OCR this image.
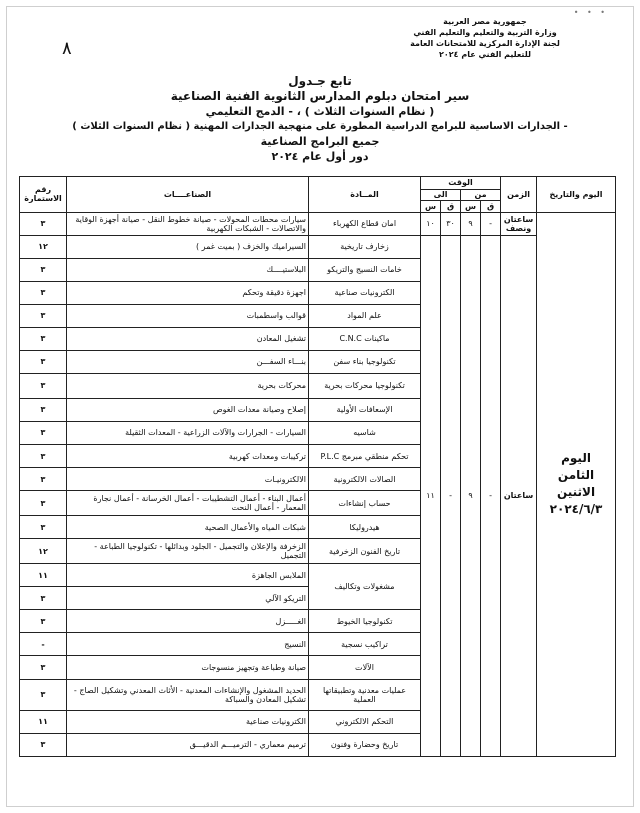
• • •
٨
جمهورية مصر العربية
وزارة التربية والتعليم والتعليم الفني
لجنة الإدارة المركزية للامتحانات العامة
للتعليم الفني عام ٢٠٢٤
تابع جـدول
سير امتحان دبلوم المدارس الثانوية الفنية الصناعية
( نظام السنوات الثلاث ) ، - الدمج التعليمي
- الجدارات الاساسية للبرامج الدراسية المطورة على منهجية الجدارات المهنية ( نظام السنوات الثلاث )
جميع البرامج الصناعية
دور أول عام ٢٠٢٤
اليوم والتاريخ	الزمن	الوقت				المــادة	الصناعــــات	رقم الاستمارة
		من		الى				
		ق	س	ق	س			

اليوم
الثامن
الاثنين
٢٠٢٤/٦/٣	ساعتان ونصف	-	٩	٣٠	١٠	امان قطاع الكهرباء	سيارات محطات المحولات - صيانة خطوط النقل - صيانة أجهزة الوقاية والاتصالات - الشبكات الكهربية	٣
	ساعتان	-	٩	-	١١	زخارف تاريخية	السيراميك والخزف ( بميت غمر )	١٢
						خامات النسيج والتريكو	البلاستيــــك	٣
						الكترونيات صناعية	اجهزة دقيقة وتحكم	٣
						علم المواد	قوالب واسطمبات	٣
						ماكينات C.N.C	تشغيل المعادن	٣
						تكنولوجيا بناء سفن	بنـــاء السفـــن	٣
						تكنولوجيا محركات بحرية	محركات بحرية	٣
						الإسعافات الأولية	إصلاح وصيانة معدات الغوص	٣
						شاسيه	السيارات - الجرارات والآلات الزراعية - المعدات الثقيلة	٣
						تحكم منطقي مبرمج P.L.C	تركيبات ومعدات كهربية	٣
						الصالات الالكترونية	الالكترونيـات	٣
						حساب إنشاءات	أعمال البناء - أعمال التشطيبات - أعمال الخرسانة - أعمال نجارة المعمار - أعمال النحت	٣
						هيدروليكا	شبكات المياه والأعمال الصحية	٣
						تاريخ الفنون الزخرفية	الزخرفة والإعلان والتجميل - الجلود وبدائلها - تكنولوجيا الطباعة - التجميل	١٢
						مشغولات وتكاليف	الملابس الجاهزة	١١
							التريكو الآلي	٣
						تكنولوجيا الخيوط	الغـــــزل	٣
						تراكيب نسجية	النسيج	-
						الآلات	صيانة وطباعة وتجهيز منسوجات	٣
						عمليات معدنية وتطبيقاتها العملية	الحديد المشغول والإنشاءات المعدنية - الأثاث المعدني وتشكيل الصاج - تشكيل المعادن والسباكة	٣
						التحكم الالكتروني	الكترونيات صناعية	١١
						تاريخ وحضارة وفنون	ترميم معماري - الترميـــم الدقيـــق	٣
